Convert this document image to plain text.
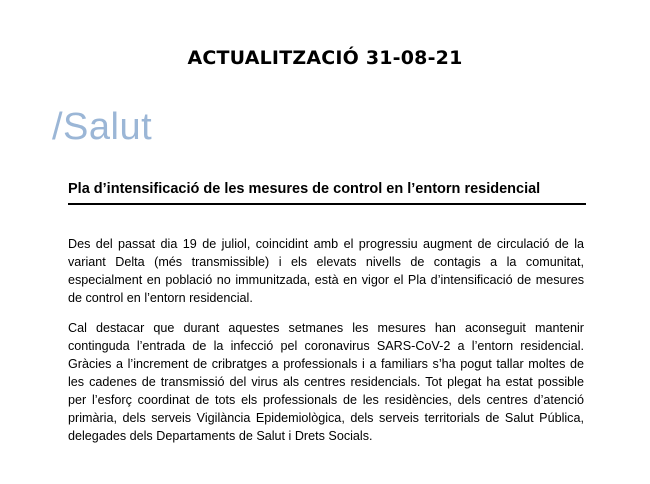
ACTUALITZACIÓ 31-08-21
/Salut
Pla d’intensificació de les mesures de control en l’entorn residencial

Des del passat dia 19 de juliol, coincidint amb el progressiu augment de circulació de la variant Delta (més transmissible) i els elevats nivells de contagis a la comunitat, especialment en població no immunitzada, està en vigor el Pla d’intensificació de mesures de control en l’entorn residencial.

Cal destacar que durant aquestes setmanes les mesures han aconseguit mantenir continguda l’entrada de la infecció pel coronavirus SARS-CoV-2 a l’entorn residencial. Gràcies a l’increment de cribratges a professionals i a familiars s’ha pogut tallar moltes de les cadenes de transmissió del virus als centres residencials. Tot plegat ha estat possible per l’esforç coordinat de tots els professionals de les residències, dels centres d’atenció primària, dels serveis Vigilància Epidemiològica, dels serveis territorials de Salut Pública, delegades dels Departaments de Salut i Drets Socials.
